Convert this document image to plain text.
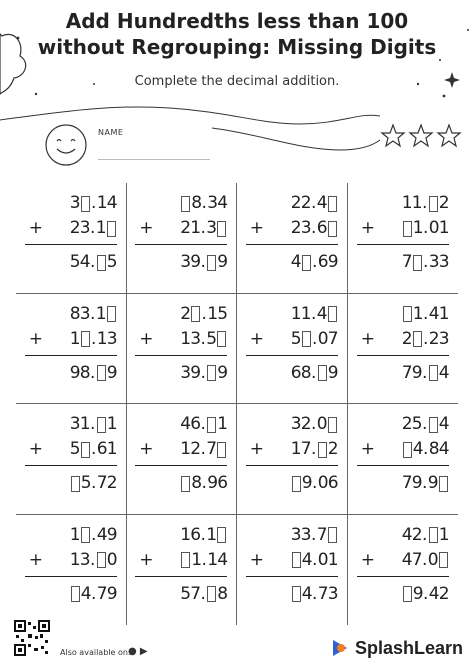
Add Hundredths less than 100
without Regrouping: Missing Digits
Complete the decimal addition.
NAME
3 . 1 4
+ 2 3 . 1
5 4 . 5
8 . 3 4
+ 2 1 . 3
3 9 . 9
2 2 . 4
+ 2 3 . 6
4 . 6 9
1 1 . 2
+ 1 . 0 1
7 . 3 3
8 3 . 1
+ 1 . 1 3
9 8 . 9
2 . 1 5
+ 1 3 . 5
3 9 . 9
1 1 . 4
+ 5 . 0 7
6 8 . 9
1 . 4 1
+ 2 . 2 3
7 9 . 4
3 1 . 1
+ 5 . 6 1
5 . 7 2
4 6 . 1
+ 1 2 . 7
8 . 9 6
3 2 . 0
+ 1 7 . 2
9 . 0 6
2 5 . 4
+ 4 . 8 4
7 9 . 9
1 . 4 9
+ 1 3 . 0
4 . 7 9
1 6 . 1
+ 1 . 1 4
5 7 . 8
3 3 . 7
+ 4 . 0 1
4 . 7 3
4 2 . 1
+ 4 7 . 0
9 . 4 2
Also available on:
● ▶	SplashLearn
